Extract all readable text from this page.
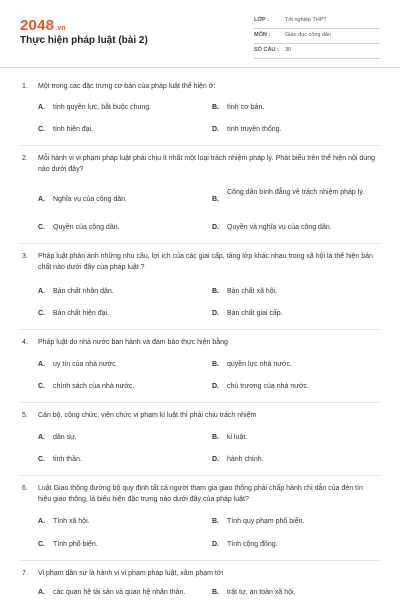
2048.vn
Thực hiện pháp luật (bài 2)
LỚP :	Tốt nghiệp THPT
MÔN :	Giáo dục công dân
SỐ CÂU : 30
1.	Một trong các đặc trưng cơ bản của pháp luật thể hiện ở:
A. tính quyền lực, bắt buộc chung.	B. tính cơ bản.
C. tính hiện đại.	D. tính truyền thống.
2.	Mỗi hành vi vi phạm pháp luật phải chịu ít nhất một loại trách nhiệm pháp lý. Phát biểu trên thể hiện nội dung nào dưới đây?
A. Nghĩa vụ của công dân.	B.
Công dân bình đẳng về trách nhiệm pháp lý.
C. Quyền của công dân.	D. Quyền và nghĩa vụ của công dân.
3.	Pháp luật phản ánh những nhu cầu, lợi ích của các giai cấp, tầng lớp khác nhau trong xã hội là thể hiện bản chất nào dưới đây của pháp luật ?
A. Bản chất nhân dân.	B. Bản chất xã hội.
C. Bản chất hiện đại.	D. Bản chất giai cấp.
4.	Pháp luật do nhà nước ban hành và đảm bảo thực hiện bằng
A. uy tín của nhà nước.	B. quyền lực nhà nước.
C. chính sách của nhà nước.	D. chủ trương của nhà nước.
5.	Cán bộ, công chức, viên chức vi phạm kỉ luật thì phải chịu trách nhiệm
A. dân sự.	B. kỉ luật.
C. tinh thần.	D. hành chính.
6.	Luật Giao thông đường bộ quy định tất cả người tham gia giao thông phải chấp hành chỉ dẫn của đèn tín hiệu giao thông, là biểu hiện đặc trưng nào dưới đây của pháp luật?
A. Tính xã hội.	B. Tính quy phạm phổ biến.
C. Tính phổ biến.	D. Tính cộng đồng.
7.	Vi phạm dân sự là hành vi vi phạm pháp luật, xâm phạm tới
A. các quan hệ tài sản và quan hệ nhân thân.	B. trật tự, an toàn xã hội.
